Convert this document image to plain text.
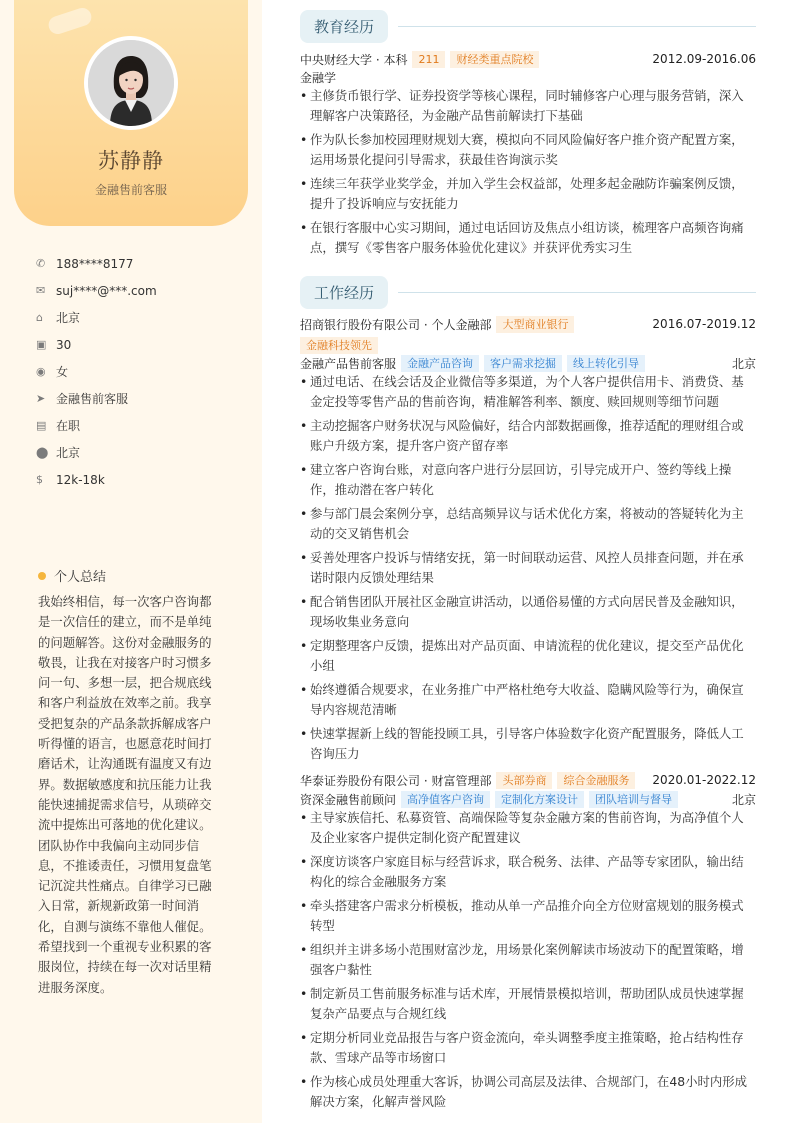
苏静静
金融售前客服
✆ 188****8177
✉ suj****@***.com
⌂	北京
▣ 30
◉ 女
➤ 金融售前客服
▤ 在职
⬤ 北京
$	12k-18k
个人总结
我始终相信，每一次客户咨询都是一次信任的建立，而不是单纯的问题解答。这份对金融服务的敬畏，让我在对接客户时习惯多问一句、多想一层，把合规底线和客户利益放在效率之前。我享受把复杂的产品条款拆解成客户听得懂的语言，也愿意花时间打磨话术，让沟通既有温度又有边界。数据敏感度和抗压能力让我能快速捕捉需求信号，从琐碎交流中提炼出可落地的优化建议。团队协作中我偏向主动同步信息，不推诿责任，习惯用复盘笔记沉淀共性痛点。自律学习已融入日常，新规新政第一时间消化，自测与演练不靠他人催促。希望找到一个重视专业积累的客服岗位，持续在每一次对话里精进服务深度。
教育经历
中央财经大学 · 本科	211	财经类重点院校	2012.09-2016.06
金融学
• 主修货币银行学、证券投资学等核心课程，同时辅修客户心理与服务营销，深入理解客户决策路径，为金融产品售前解读打下基础
• 作为队长参加校园理财规划大赛，模拟向不同风险偏好客户推介资产配置方案，运用场景化提问引导需求，获最佳咨询演示奖
• 连续三年获学业奖学金，并加入学生会权益部，处理多起金融防诈骗案例反馈，提升了投诉响应与安抚能力
• 在银行客服中心实习期间，通过电话回访及焦点小组访谈，梳理客户高频咨询痛点，撰写《零售客户服务体验优化建议》并获评优秀实习生
工作经历
招商银行股份有限公司 · 个人金融部	大型商业银行	2016.07-2019.12
金融科技领先
金融产品售前客服	金融产品咨询	客户需求挖掘	线上转化引导	北京
• 通过电话、在线会话及企业微信等多渠道，为个人客户提供信用卡、消费贷、基金定投等零售产品的售前咨询，精准解答利率、额度、赎回规则等细节问题
• 主动挖掘客户财务状况与风险偏好，结合内部数据画像，推荐适配的理财组合或账户升级方案，提升客户资产留存率
• 建立客户咨询台账，对意向客户进行分层回访，引导完成开户、签约等线上操作，推动潜在客户转化
• 参与部门晨会案例分享，总结高频异议与话术优化方案，将被动的答疑转化为主动的交叉销售机会
• 妥善处理客户投诉与情绪安抚，第一时间联动运营、风控人员排查问题，并在承诺时限内反馈处理结果
• 配合销售团队开展社区金融宣讲活动，以通俗易懂的方式向居民普及金融知识，现场收集业务意向
• 定期整理客户反馈，提炼出对产品页面、申请流程的优化建议，提交至产品优化小组
• 始终遵循合规要求，在业务推广中严格杜绝夸大收益、隐瞒风险等行为，确保宣导内容规范清晰
• 快速掌握新上线的智能投顾工具，引导客户体验数字化资产配置服务，降低人工咨询压力
华泰证券股份有限公司 · 财富管理部	头部券商	综合金融服务	2020.01-2022.12
资深金融售前顾问	高净值客户咨询	定制化方案设计	团队培训与督导	北京
• 主导家族信托、私募资管、高端保险等复杂金融方案的售前咨询，为高净值个人及企业家客户提供定制化资产配置建议
• 深度访谈客户家庭目标与经营诉求，联合税务、法律、产品等专家团队，输出结构化的综合金融服务方案
• 牵头搭建客户需求分析模板，推动从单一产品推介向全方位财富规划的服务模式转型
• 组织并主讲多场小范围财富沙龙，用场景化案例解读市场波动下的配置策略，增强客户黏性
• 制定新员工售前服务标准与话术库，开展情景模拟培训，帮助团队成员快速掌握复杂产品要点与合规红线
• 定期分析同业竞品报告与客户资金流向，牵头调整季度主推策略，抢占结构性存款、雪球产品等市场窗口
• 作为核心成员处理重大客诉，协调公司高层及法律、合规部门，在48小时内形成解决方案，化解声誉风险
